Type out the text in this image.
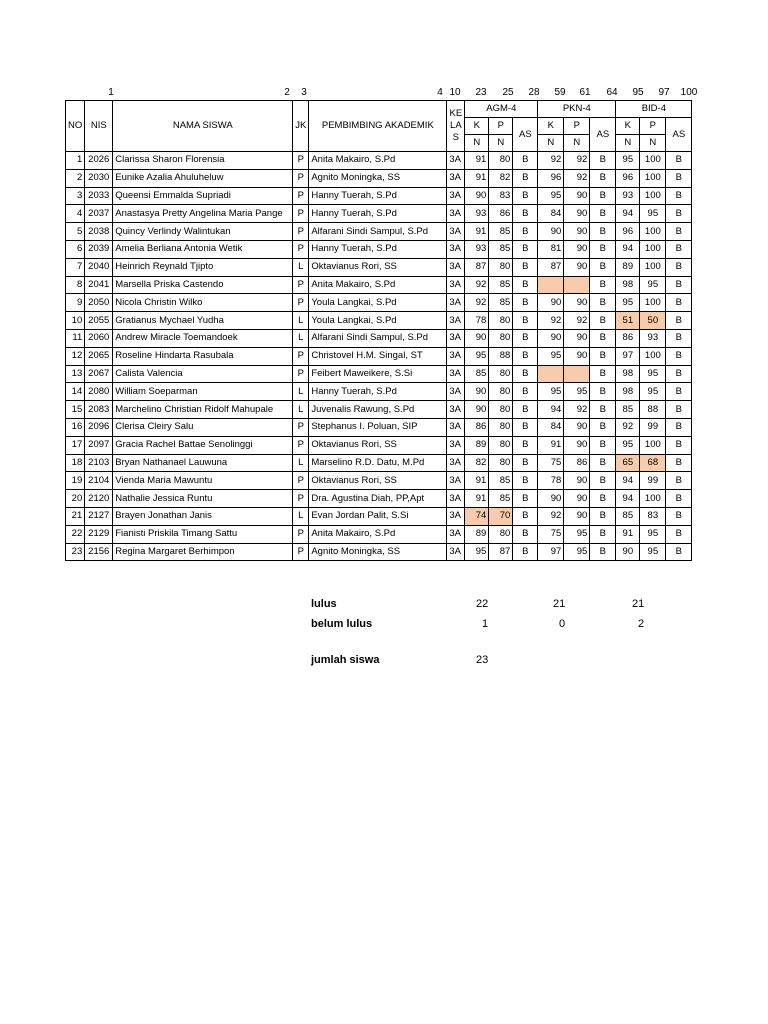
1	2 3	4 10 23 25 28 59 61 64 95 97 100
NO	NIS	NAMA SISWA	JK	PEMBIMBING AKADEMIK	KE
LA
S	AGM-4			PKN-4			BID-4		
						K	P	AS	K	P	AS	K	P	AS
						N	N		N	N		N	N	
1	2026	Clarissa Sharon Florensia	P	Anita Makairo, S.Pd	3A	91	80	B	92	92	B	95	100	B
2	2030	Eunike Azalia Ahuluheluw	P	Agnito Moningka, SS	3A	91	82	B	96	92	B	96	100	B
3	2033	Queensi Emmalda Supriadi	P	Hanny Tuerah, S.Pd	3A	90	83	B	95	90	B	93	100	B
4	2037	Anastasya Pretty Angelina Maria Pange	P	Hanny Tuerah, S.Pd	3A	93	86	B	84	90	B	94	95	B
5	2038	Quincy Verlindy Walintukan	P	Alfarani Sindi Sampul, S.Pd	3A	91	85	B	90	90	B	96	100	B
6	2039	Amelia Berliana Antonia Wetik	P	Hanny Tuerah, S.Pd	3A	93	85	B	81	90	B	94	100	B
7	2040	Heinrich Reynald Tjipto	L	Oktavianus Rori, SS	3A	87	80	B	87	90	B	89	100	B
8	2041	Marsella Priska Castendo	P	Anita Makairo, S.Pd	3A	92	85	B			B	98	95	B
9	2050	Nicola Christin Wilko	P	Youla Langkai, S.Pd	3A	92	85	B	90	90	B	95	100	B
10	2055	Gratianus Mychael Yudha	L	Youla Langkai, S.Pd	3A	78	80	B	92	92	B	51	50	B
11	2060	Andrew Miracle Toemandoek	L	Alfarani Sindi Sampul, S.Pd	3A	90	80	B	90	90	B	86	93	B
12	2065	Roseline Hindarta Rasubala	P	Christovel H.M. Singal, ST	3A	95	88	B	95	90	B	97	100	B
13	2067	Calista Valencia	P	Feibert Maweikere, S.Si	3A	85	80	B			B	98	95	B
14	2080	William Soeparman	L	Hanny Tuerah, S.Pd	3A	90	80	B	95	95	B	98	95	B
15	2083	Marchelino Christian Ridolf Mahupale	L	Juvenalis Rawung, S.Pd	3A	90	80	B	94	92	B	85	88	B
16	2096	Clerisa Cleiry Salu	P	Stephanus I. Poluan, SIP	3A	86	80	B	84	90	B	92	99	B
17	2097	Gracia Rachel Battae Senolinggi	P	Oktavianus Rori, SS	3A	89	80	B	91	90	B	95	100	B
18	2103	Bryan Nathanael Lauwuna	L	Marselino R.D. Datu, M.Pd	3A	82	80	B	75	86	B	65	68	B
19	2104	Vienda Maria Mawuntu	P	Oktavianus Rori, SS	3A	91	85	B	78	90	B	94	99	B
20	2120	Nathalie Jessica Runtu	P	Dra. Agustina Diah, PP,Apt	3A	91	85	B	90	90	B	94	100	B
21	2127	Brayen Jonathan Janis	L	Evan Jordan Palit, S.Si	3A	74	70	B	92	90	B	85	83	B
22	2129	Fianisti Priskila Timang Sattu	P	Anita Makairo, S.Pd	3A	89	80	B	75	95	B	91	95	B
23	2156	Regina Margaret Berhimpon	P	Agnito Moningka, SS	3A	95	87	B	97	95	B	90	95	B
lulus	22	21	21
belum lulus	1	0	2
jumlah siswa	23
